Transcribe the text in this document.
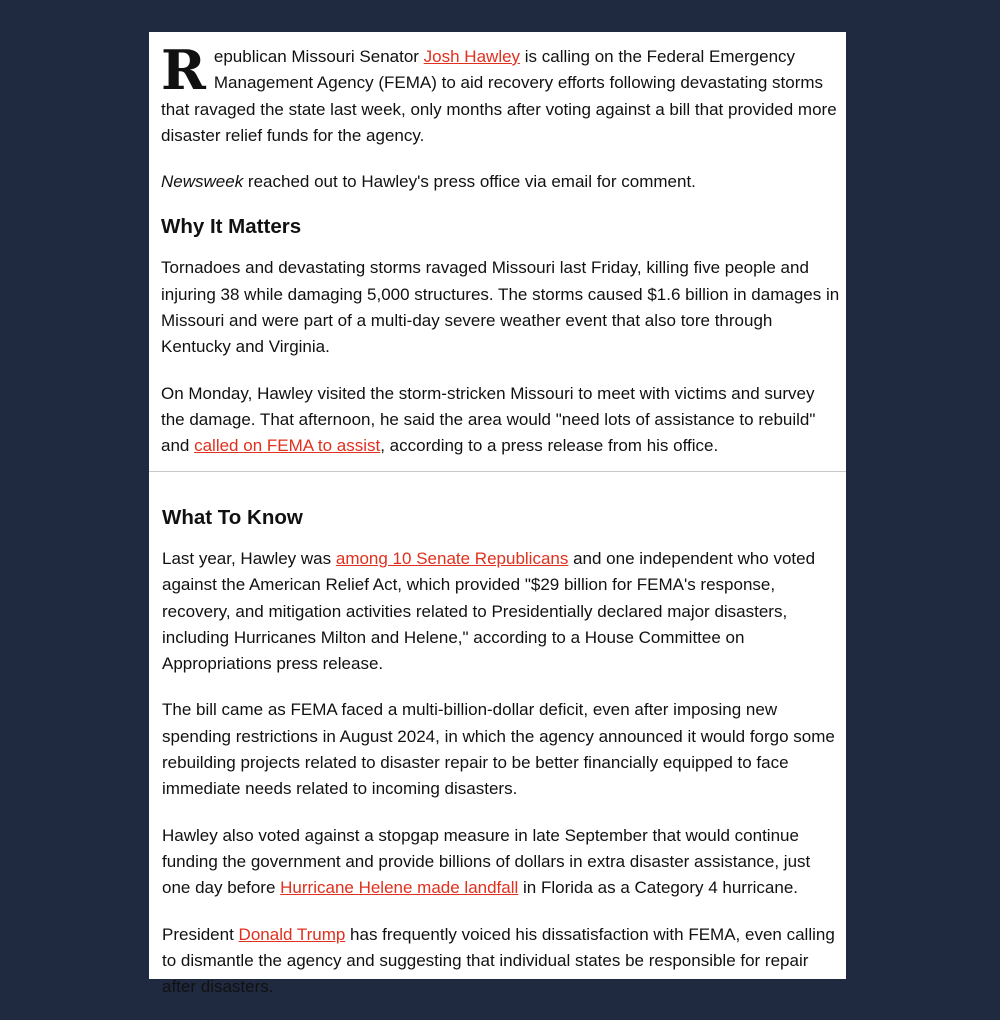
Republican Missouri Senator Josh Hawley is calling on the Federal Emergency Management Agency (FEMA) to aid recovery efforts following devastating storms that ravaged the state last week, only months after voting against a bill that provided more disaster relief funds for the agency.

Newsweek reached out to Hawley's press office via email for comment.

Why It Matters

Tornadoes and devastating storms ravaged Missouri last Friday, killing five people and injuring 38 while damaging 5,000 structures. The storms caused $1.6 billion in damages in Missouri and were part of a multi-day severe weather event that also tore through Kentucky and Virginia.

On Monday, Hawley visited the storm-stricken Missouri to meet with victims and survey the damage. That afternoon, he said the area would "need lots of assistance to rebuild" and called on FEMA to assist, according to a press release from his office.

What To Know

Last year, Hawley was among 10 Senate Republicans and one independent who voted against the American Relief Act, which provided "$29 billion for FEMA's response, recovery, and mitigation activities related to Presidentially declared major disasters, including Hurricanes Milton and Helene," according to a House Committee on Appropriations press release.

The bill came as FEMA faced a multi-billion-dollar deficit, even after imposing new spending restrictions in August 2024, in which the agency announced it would forgo some rebuilding projects related to disaster repair to be better financially equipped to face immediate needs related to incoming disasters.

Hawley also voted against a stopgap measure in late September that would continue funding the government and provide billions of dollars in extra disaster assistance, just one day before Hurricane Helene made landfall in Florida as a Category 4 hurricane.

President Donald Trump has frequently voiced his dissatisfaction with FEMA, even calling to dismantle the agency and suggesting that individual states be responsible for repair after disasters.
